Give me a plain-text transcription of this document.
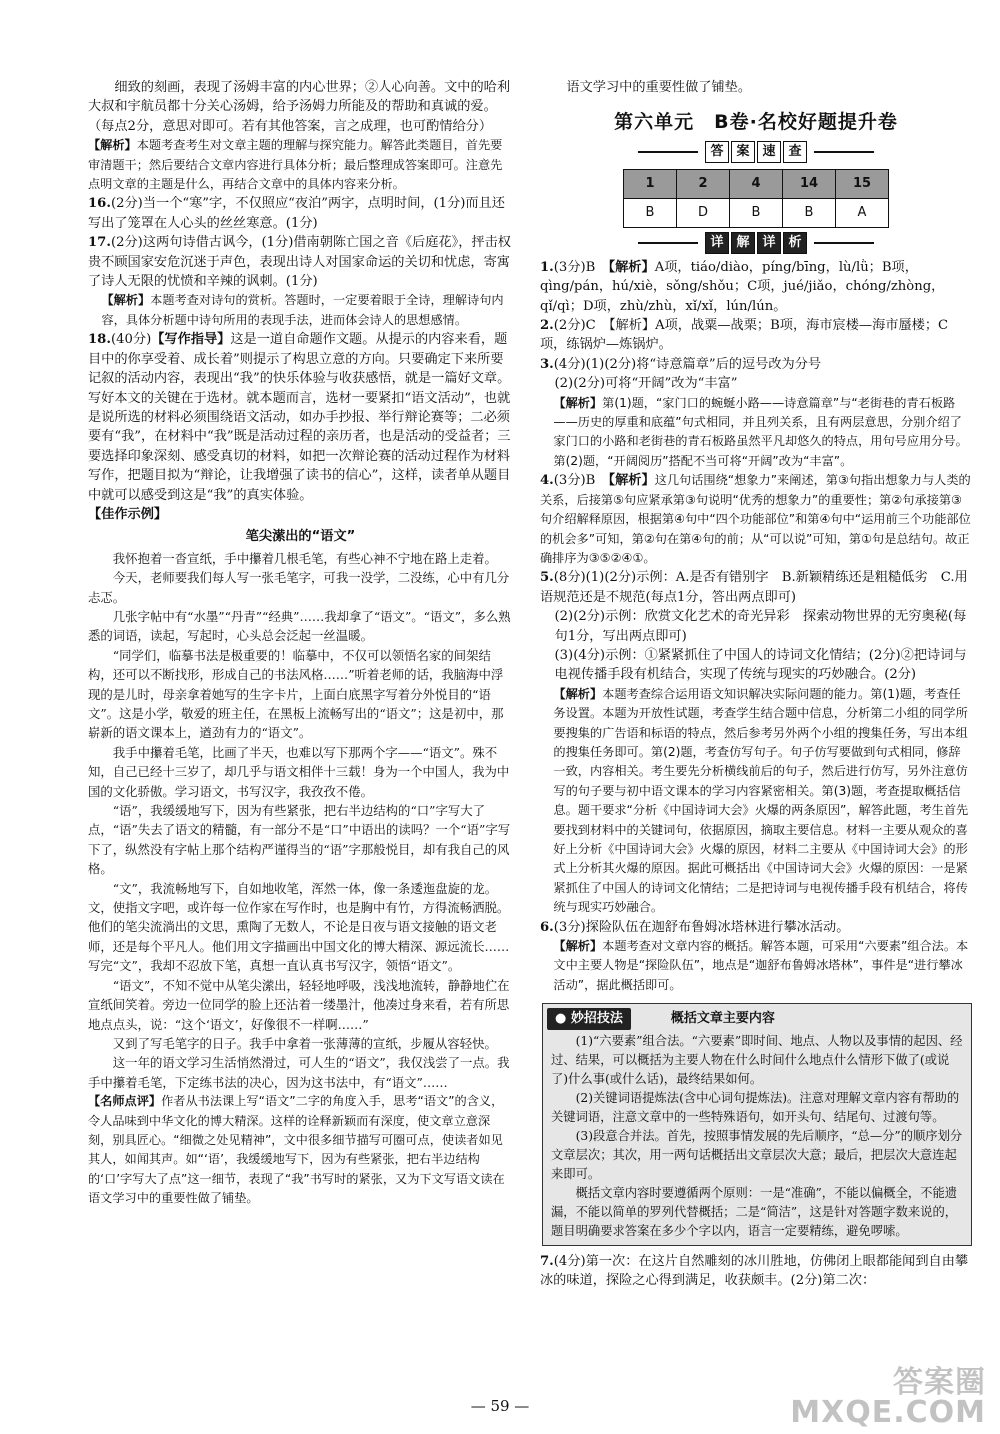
细致的刻画，表现了汤姆丰富的内心世界；②人心向善。文中的哈利大叔和宇航员都十分关心汤姆，给予汤姆力所能及的帮助和真诚的爱。（每点2分，意思对即可。若有其他答案，言之成理，也可酌情给分）

【解析】本题考查考生对文章主题的理解与探究能力。解答此类题目，首先要审清题干；然后要结合文章内容进行具体分析；最后整理成答案即可。注意先点明文章的主题是什么，再结合文章中的具体内容来分析。

16.(2分)当一个“寒”字，不仅照应“夜泊”两字，点明时间，(1分)而且还写出了笼罩在人心头的丝丝寒意。(1分)

17.(2分)这两句诗借古讽今，(1分)借南朝陈亡国之音《后庭花》，抨击权贵不顾国家安危沉迷于声色，表现出诗人对国家命运的关切和忧虑，寄寓了诗人无限的忧愤和辛辣的讽刺。(1分)

【解析】本题考查对诗句的赏析。答题时，一定要着眼于全诗，理解诗句内容，具体分析题中诗句所用的表现手法，进而体会诗人的思想感情。

18.(40分)【写作指导】这是一道自命题作文题。从提示的内容来看，题目中的你享受着、成长着”则提示了构思立意的方向。只要确定下来所要记叙的活动内容，表现出“我”的快乐体验与收获感悟，就是一篇好文章。写好本文的关键在于选材。就本题而言，选材一要紧扣“语文活动”，也就是说所选的材料必须围绕语文活动，如办手抄报、举行辩论赛等；二必须要有“我”，在材料中“我”既是活动过程的亲历者，也是活动的受益者；三要选择印象深刻、感受真切的材料，如把一次辩论赛的活动过程作为材料写作，把题目拟为“辩论，让我增强了读书的信心”，这样，读者单从题目中就可以感受到这是“我”的真实体验。

【佳作示例】

笔尖潆出的“语文”

我怀抱着一沓宣纸，手中攥着几根毛笔，有些心神不宁地在路上走着。

今天，老师要我们每人写一张毛笔字，可我一没学，二没练，心中有几分忐忑。

几张字帖中有“水墨”“丹青”“经典”……我却拿了“语文”。“语文”，多么熟悉的词语，读起，写起时，心头总会泛起一丝温暖。

“同学们，临摹书法是极重要的！临摹中，不仅可以领悟名家的间架结构，还可以不断找形，形成自己的书法风格……”听着老师的话，我脑海中浮现的是儿时，母亲拿着她写的生字卡片，上面白底黑字写着分外悦目的“语文”。这是小学，敬爱的班主任，在黑板上流畅写出的“语文”；这是初中，那崭新的语文课本上，遒劲有力的“语文”。

我手中攥着毛笔，比画了半天，也难以写下那两个字——“语文”。殊不知，自己已经十三岁了，却几乎与语文相伴十三载！身为一个中国人，我为中国的文化骄傲。学习语文，书写汉字，我孜孜不倦。

“语”，我缓缓地写下，因为有些紧张，把右半边结构的“口”字写大了点，“语”失去了语文的精髓，有一部分不是“口”中语出的读吗？一个“语”字写下了，纵然没有字帖上那个结构严谨得当的“语”字那般悦目，却有我自己的风格。

“文”，我流畅地写下，自如地收笔，浑然一体，像一条逶迤盘旋的龙。文，使指文字吧，或许每一位作家在写作时，也是胸中有竹，方得流畅洒脱。他们的笔尖流淌出的文思，熏陶了无数人，不论是日夜与语文接触的语文老师，还是每个平凡人。他们用文字描画出中国文化的博大精深、源远流长……写完“文”，我却不忍放下笔，真想一直认真书写汉字，领悟“语文”。

“语文”，不知不觉中从笔尖潆出，轻轻地呼吸，浅浅地流转，静静地伫在宣纸间笑着。旁边一位同学的脸上还沾着一缕墨汁，他凑过身来看，若有所思地点点头，说：“这个‘语文’，好像很不一样啊……”

又到了写毛笔字的日子。我手中拿着一张薄薄的宣纸，步履从容轻快。

这一年的语文学习生活悄然滑过，可人生的“语文”，我仅浅尝了一点。我手中攥着毛笔，下定练书法的决心，因为这书法中，有“语文”……

【名师点评】作者从书法课上写“语文”二字的角度入手，思考“语文”的含义，令人品味到中华文化的博大精深。这样的诠释新颖而有深度，使文章立意深刻，别具匠心。“细微之处见精神”，文中很多细节描写可圈可点，使读者如见其人，如闻其声。如“‘语’，我缓缓地写下，因为有些紧张，把右半边结构的‘口’字写大了点”这一细节，表现了“我”书写时的紧张，又为下文写语文读在语文学习中的重要性做了铺垫。

语文学习中的重要性做了铺垫。

第六单元　B卷·名校好题提升卷
答 案 速 查
1	2	4	14	15
B	D	B	B	A
详 解 详 析

1.(3分)B　 【解析】A项，tiáo/diào，píng/bīng，lù/lǜ；B项，qìng/pán，hú/xiè，sǒng/shǒu；C项，jué/jiǎo，chóng/zhòng，qǐ/qì；D项，zhù/zhù，xǐ/xǐ，lún/lún。

2.(2分)C　【解析】A项，战粟—战栗；B项，海市宸楼—海市蜃楼；C项，练锅炉—炼锅炉。

3.(4分)(1)(2分)将“诗意篇章”后的逗号改为分号

(2)(2分)可将“开阔”改为“丰富”

【解析】第(1)题，“家门口的蜿蜒小路——诗意篇章”与“老街巷的青石板路——历史的厚重和底蕴”句式相同，并且列关系，且有两层意思，分别介绍了家门口的小路和老街巷的青石板路虽然平凡却悠久的特点，用句号应用分号。第(2)题，“开阔阅历”搭配不当可将“开阔”改为“丰富”。

4.(3分)B　 【解析】这几句话围绕“想象力”来阐述，第③句指出想象力与人类的关系，后接第⑤句应紧承第③句说明“优秀的想象力”的重要性；第②句承接第③句介绍解释原因，根据第④句中“四个功能部位”和第④句中“运用前三个功能部位的机会多”可知，第②句在第④句的前；从“可以说”可知，第①句是总结句。故正确排序为③⑤②④①。

5.(8分)(1)(2分)示例：A.是否有错别字　B.新颖精练还是粗糙低劣　C.用语规范还是不规范(每点1分，答出两点即可)

(2)(2分)示例：欣赏文化艺术的奇光异彩　探索动物世界的无穷奥秘(每句1分，写出两点即可)

(3)(4分)示例：①紧紧抓住了中国人的诗词文化情结；(2分)②把诗词与电视传播手段有机结合，实现了传统与现实的巧妙融合。(2分)

【解析】本题考查综合运用语文知识解决实际问题的能力。第(1)题，考查任务设置。本题为开放性试题，考查学生结合题中信息，分析第二小组的同学所要搜集的广告语和标语的特点，然后参考另外两个小组的搜集任务，写出本组的搜集任务即可。第(2)题，考查仿写句子。句子仿写要做到句式相同，修辞一致，内容相关。考生要先分析横线前后的句子，然后进行仿写，另外注意仿写的句子要与初中语文课本的学习内容紧密相关。第(3)题，考查提取概括信息。题干要求“分析《中国诗词大会》火爆的两条原因”，解答此题，考生首先要找到材料中的关键词句，依据原因，摘取主要信息。材料一主要从观众的喜好上分析《中国诗词大会》火爆的原因，材料二主要从《中国诗词大会》的形式上分析其火爆的原因。据此可概括出《中国诗词大会》火爆的原因：一是紧紧抓住了中国人的诗词文化情结；二是把诗词与电视传播手段有机结合，将传统与现实巧妙融合。

6.(3分)探险队伍在迦舒布鲁姆冰塔林进行攀冰活动。

【解析】本题考查对文章内容的概括。解答本题，可采用“六要素”组合法。本文中主要人物是“探险队伍”，地点是“迦舒布鲁姆冰塔林”，事件是“进行攀冰活动”，据此概括即可。

● 妙招技法	概括文章主要内容

(1)“六要素”组合法。“六要素”即时间、地点、人物以及事情的起因、经过、结果，可以概括为主要人物在什么时间什么地点什么情形下做了(或说了)什么事(或什么话)，最终结果如何。

(2)关键词语提炼法(含中心词句提炼法)。注意对理解文章内容有帮助的关键词语，注意文章中的一些特殊语句，如开头句、结尾句、过渡句等。

(3)段意合并法。首先，按照事情发展的先后顺序，“总—分”的顺序划分文章层次；其次，用一两句话概括出文章层次大意；最后，把层次大意连起来即可。

概括文章内容时要遵循两个原则：一是“准确”，不能以偏概全，不能遗漏，不能以简单的罗列代替概括；二是“简洁”，这是针对答题字数来说的，题目明确要求答案在多少个字以内，语言一定要精练，避免啰嗦。

7.(4分)第一次：在这片自然雕刻的冰川胜地，仿佛闭上眼都能闻到自由攀冰的味道，探险之心得到满足，收获颇丰。(2分)第二次：

— 59 —
答案圈
MXQE.COM
